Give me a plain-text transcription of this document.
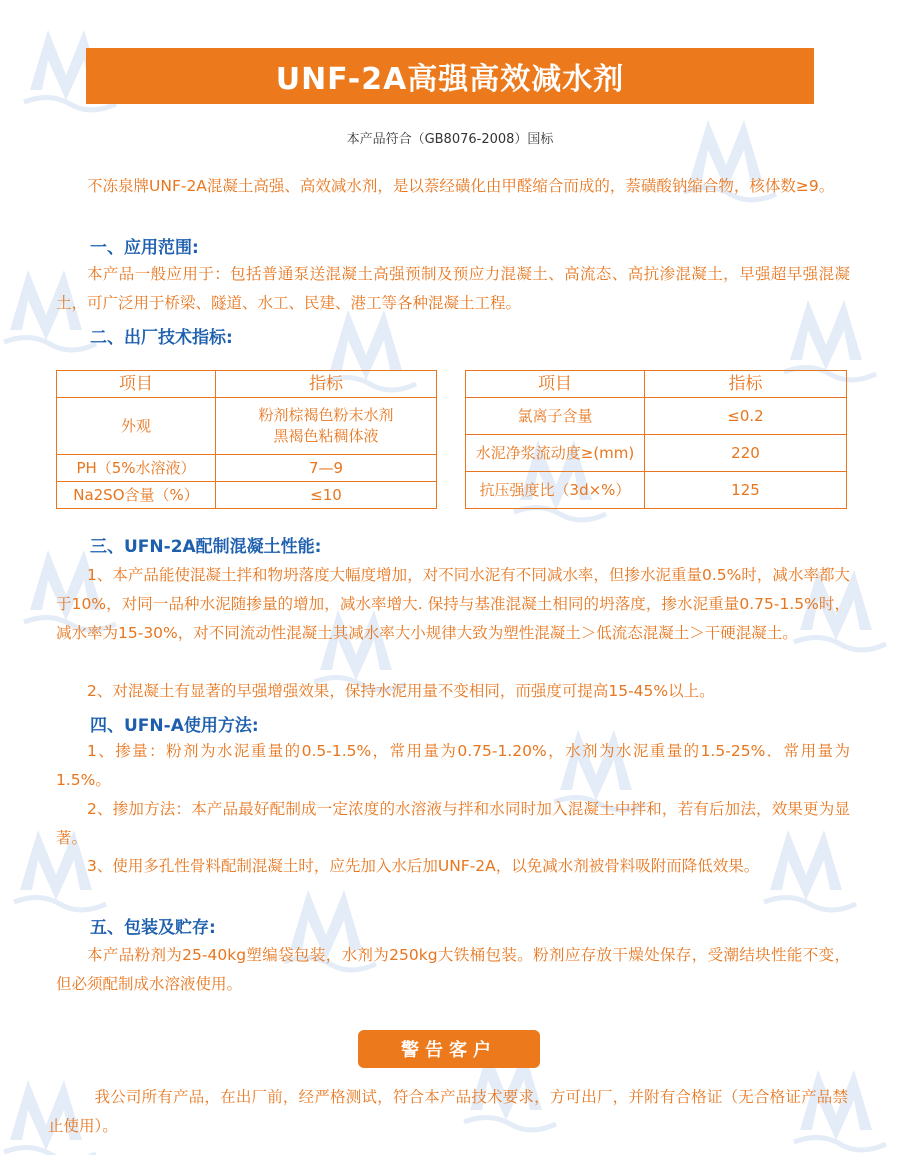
UNF-2A高强高效减水剂
本产品符合（GB8076-2008）国标

不冻泉牌UNF-2A混凝土高强、高效减水剂，是以萘经磺化由甲醛缩合而成的，萘磺酸钠缩合物，核体数≥9。

一、应用范围:

本产品一般应用于：包括普通泵送混凝土高强预制及预应力混凝土、高流态、高抗渗混凝土，早强超早强混凝土，可广泛用于桥梁、隧道、水工、民建、港工等各种混凝土工程。

二、出厂技术指标:
项目	指标
外观	粉剂棕褐色粉末水剂黑褐色粘稠体液
PH（5%水溶液）	7—9
Na2SO含量（%）	≤10
项目	指标
氯离子含量	≤0.2
水泥净浆流动度≥(mm)	220
抗压强度比（3d×%）	125
三、UFN-2A配制混凝土性能:

1、本产品能使混凝土拌和物坍落度大幅度增加，对不同水泥有不同减水率，但掺水泥重量0.5%时，减水率都大于10%，对同一品种水泥随掺量的增加，减水率增大. 保持与基准混凝土相同的坍落度，掺水泥重量0.75-1.5%时，减水率为15-30%，对不同流动性混凝土其减水率大小规律大致为塑性混凝土＞低流态混凝土＞干硬混凝土。

2、对混凝土有显著的早强增强效果，保持水泥用量不变相同，而强度可提高15-45%以上。

四、UFN-A使用方法:

1、掺量：粉剂为水泥重量的0.5-1.5%，常用量为0.75-1.20%，水剂为水泥重量的1.5-25%．常用量为1.5%。

2、掺加方法：本产品最好配制成一定浓度的水溶液与拌和水同时加入混凝土中拌和，若有后加法，效果更为显著。

3、使用多孔性骨料配制混凝土时，应先加入水后加UNF-2A，以免减水剂被骨料吸附而降低效果。

五、包装及贮存:

本产品粉剂为25-40kg塑编袋包装，水剂为250kg大铁桶包装。粉剂应存放干燥处保存，受潮结块性能不变，但必须配制成水溶液使用。

警告客户

我公司所有产品，在出厂前，经严格测试，符合本产品技术要求，方可出厂，并附有合格证（无合格证产品禁止使用）。
